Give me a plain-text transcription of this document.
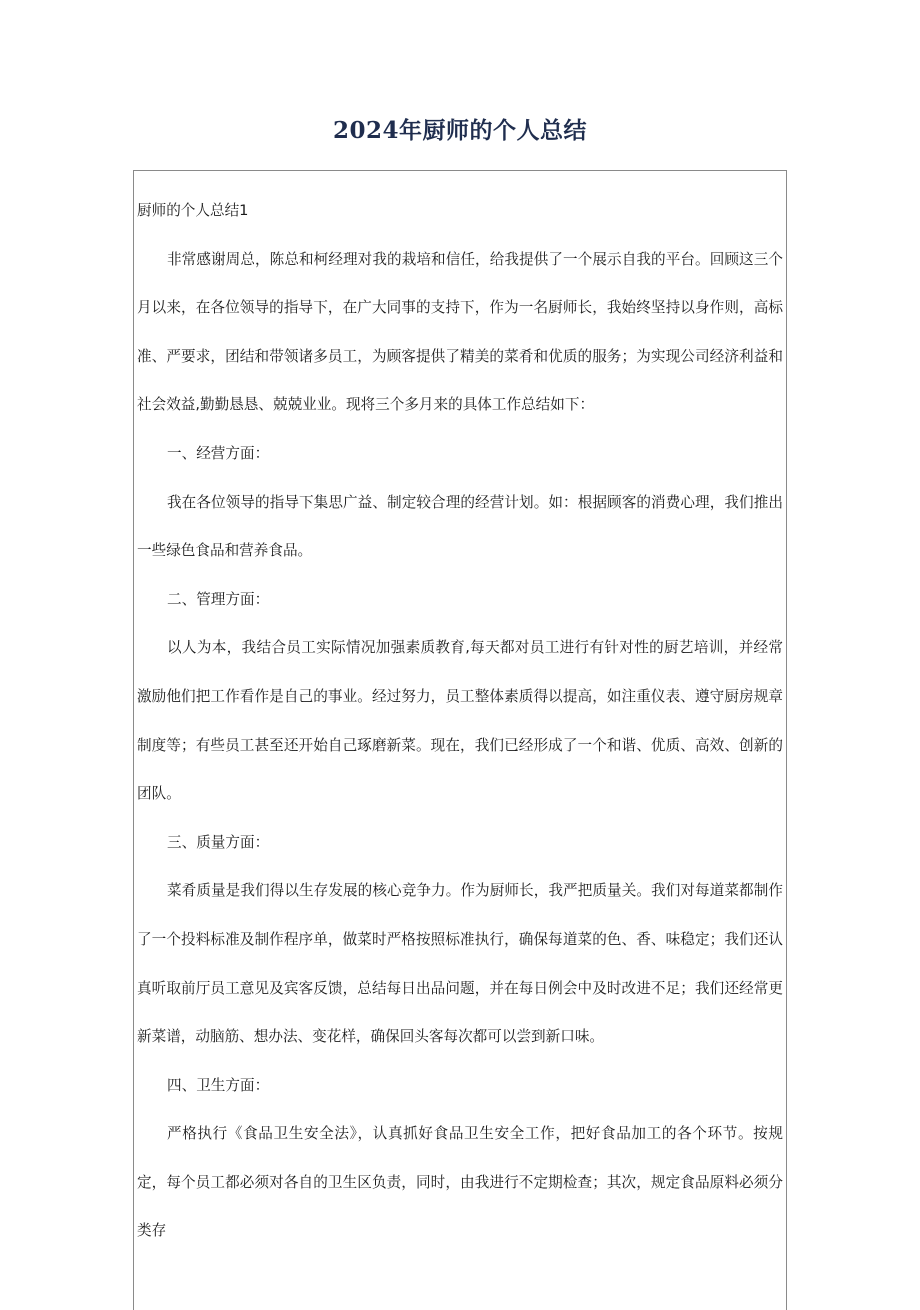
2024年厨师的个人总结

厨师的个人总结1

非常感谢周总，陈总和柯经理对我的栽培和信任，给我提供了一个展示自我的平台。回顾这三个月以来，在各位领导的指导下，在广大同事的支持下，作为一名厨师长，我始终坚持以身作则，高标准、严要求，团结和带领诸多员工，为顾客提供了精美的菜肴和优质的服务；为实现公司经济利益和社会效益,勤勤恳恳、兢兢业业。现将三个多月来的具体工作总结如下：

一、经营方面：

我在各位领导的指导下集思广益、制定较合理的经营计划。如：根据顾客的消费心理，我们推出一些绿色食品和营养食品。

二、管理方面：

以人为本，我结合员工实际情况加强素质教育,每天都对员工进行有针对性的厨艺培训，并经常激励他们把工作看作是自己的事业。经过努力，员工整体素质得以提高，如注重仪表、遵守厨房规章制度等；有些员工甚至还开始自己琢磨新菜。现在，我们已经形成了一个和谐、优质、高效、创新的团队。

三、质量方面：

菜肴质量是我们得以生存发展的核心竞争力。作为厨师长，我严把质量关。我们对每道菜都制作了一个投料标准及制作程序单，做菜时严格按照标准执行，确保每道菜的色、香、味稳定；我们还认真听取前厅员工意见及宾客反馈，总结每日出品问题，并在每日例会中及时改进不足；我们还经常更新菜谱，动脑筋、想办法、变花样，确保回头客每次都可以尝到新口味。

四、卫生方面：

严格执行《食品卫生安全法》，认真抓好食品卫生安全工作，把好食品加工的各个环节。按规定，每个员工都必须对各自的卫生区负责，同时，由我进行不定期检查；其次，规定食品原料必须分类存
